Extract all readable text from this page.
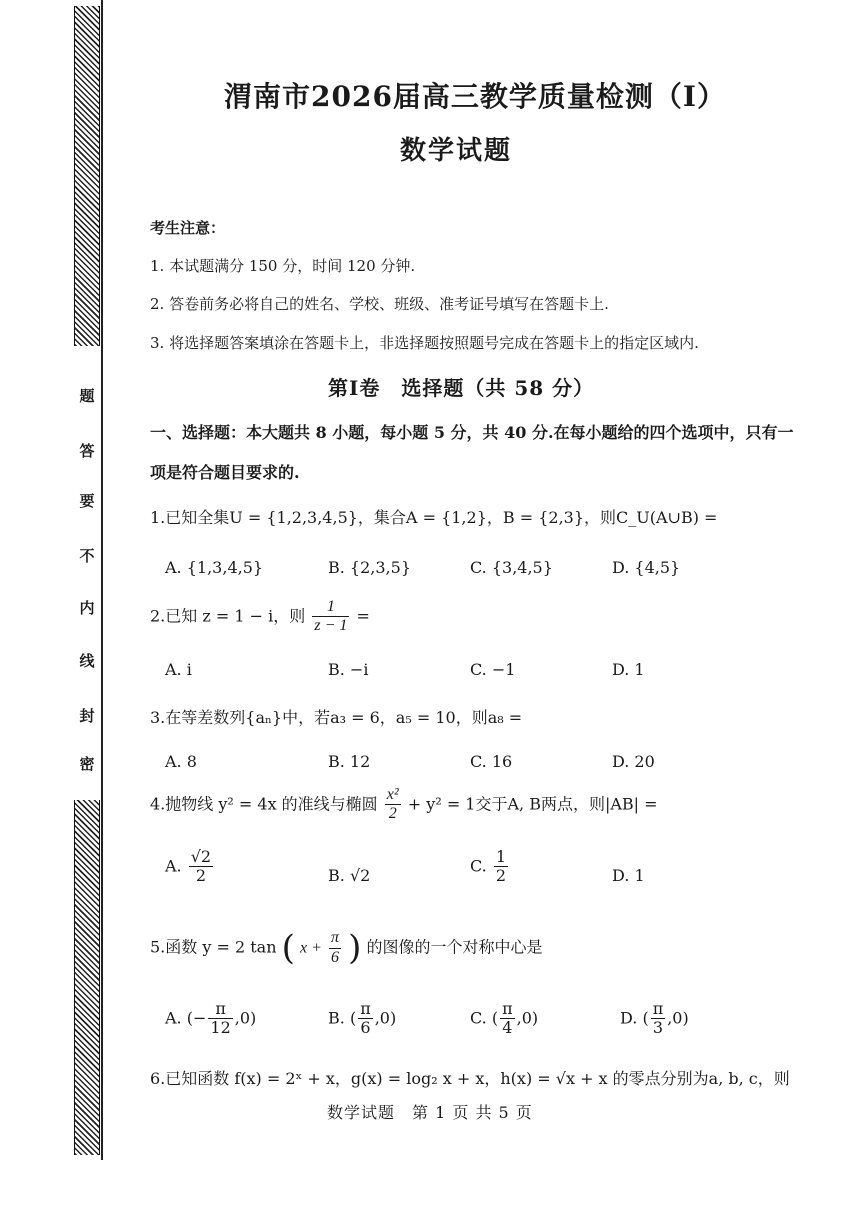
密
封
线
内
不
要
答
题
渭南市2026届高三教学质量检测（Ⅰ）
数学试题
考生注意：
1. 本试题满分 150 分，时间 120 分钟.
2. 答卷前务必将自己的姓名、学校、班级、准考证号填写在答题卡上.
3. 将选择题答案填涂在答题卡上，非选择题按照题号完成在答题卡上的指定区域内.
第Ⅰ卷　选择题（共 58 分）
一、选择题：本大题共 8 小题，每小题 5 分，共 40 分.在每小题给的四个选项中，只有一
项是符合题目要求的.
1.已知全集U = {1,2,3,4,5}，集合A = {1,2}，B = {2,3}，则C_U(A∪B) =
A. {1,3,4,5}	B. {2,3,5}	C. {3,4,5}	D. {4,5}
2.已知 z = 1 − i，则 $\frac{1}{z - 1}$ =
A. i	B. −i	C. −1	D. 1
3.在等差数列{aₙ}中，若a₃ = 6，a₅ = 10，则a₈ =
A. 8	B. 12	C. 16	D. 20
4.抛物线 y² = 4x 的准线与椭圆 $\frac{\text{x²}}{2} + y^2 = 1$交于A, B两点，则|AB| =
A. $\frac{√2}{2}$	B. √2
C. $\frac{1}{2}$	D. 1
5.函数 y = 2 tan ( $x + \frac{\pi}{6}$ ) 的图像的一个对称中心是
A. (− $\frac{\pi}{12} ,0$)	B. ( $\frac{\pi}{6} ,0$)	C. ( $\frac{\pi}{4} ,0$)	D. ( $\frac{\pi}{3} ,0$)
6.已知函数 f(x) = 2ˣ + x，g(x) = log₂ x + x，h(x) = √x + x 的零点分别为a, b, c，则
数学试题　第 1 页 共 5 页
